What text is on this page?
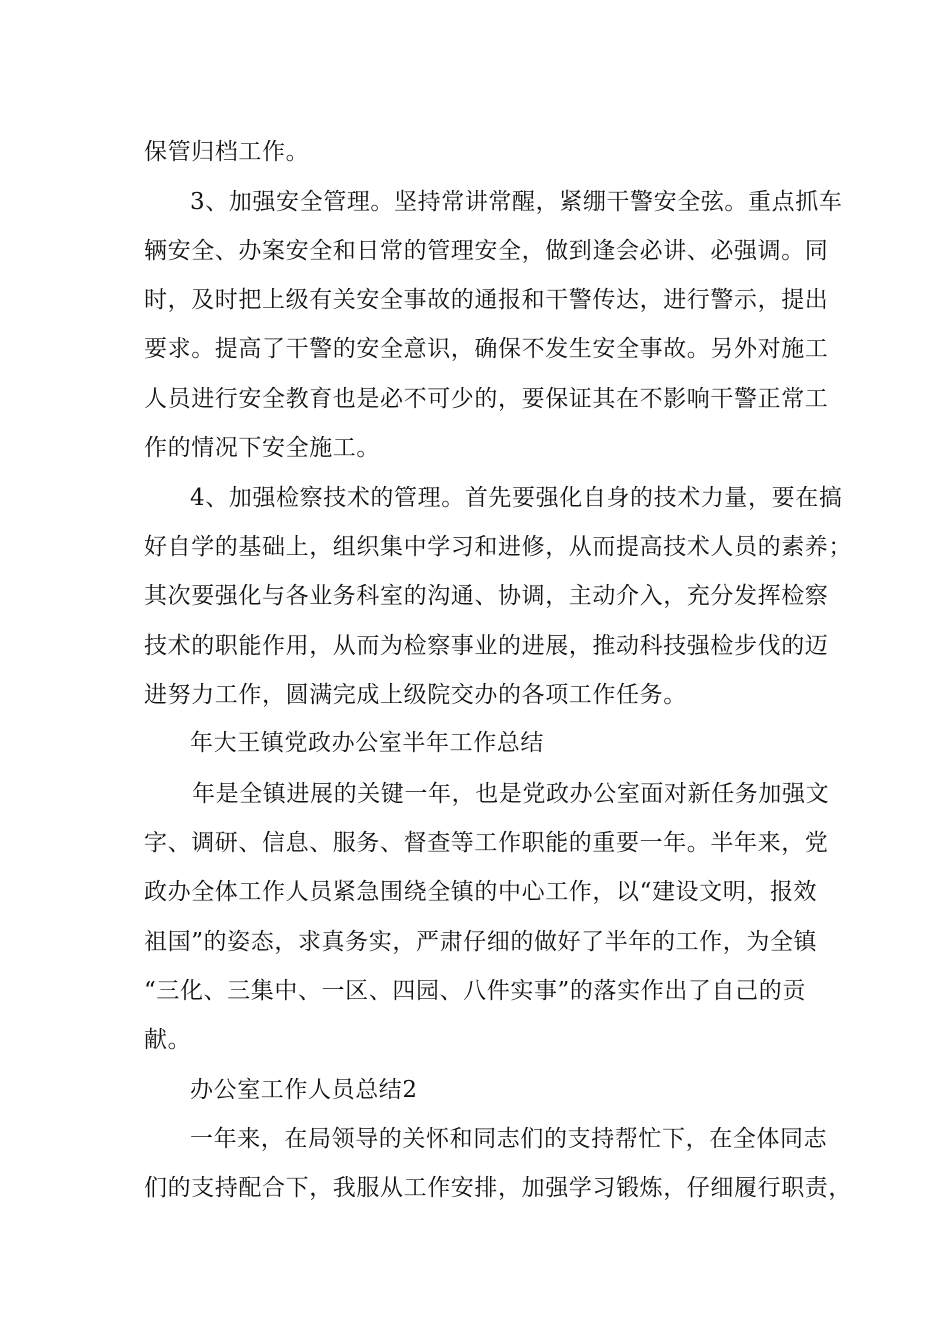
保管归档工作。
3、加强安全管理。坚持常讲常醒，紧绷干警安全弦。重点抓车
辆安全、办案安全和日常的管理安全，做到逢会必讲、必强调。同
时，及时把上级有关安全事故的通报和干警传达，进行警示，提出
要求。提高了干警的安全意识，确保不发生安全事故。另外对施工
人员进行安全教育也是必不可少的，要保证其在不影响干警正常工
作的情况下安全施工。
4、加强检察技术的管理。首先要强化自身的技术力量，要在搞
好自学的基础上，组织集中学习和进修，从而提高技术人员的素养；
其次要强化与各业务科室的沟通、协调，主动介入，充分发挥检察
技术的职能作用，从而为检察事业的进展，推动科技强检步伐的迈
进努力工作，圆满完成上级院交办的各项工作任务。
年大王镇党政办公室半年工作总结
年是全镇进展的关键一年，也是党政办公室面对新任务加强文
字、调研、信息、服务、督查等工作职能的重要一年。半年来，党
政办全体工作人员紧急围绕全镇的中心工作，以“建设文明，报效
祖国”的姿态，求真务实，严肃仔细的做好了半年的工作，为全镇
“三化、三集中、一区、四园、八件实事”的落实作出了自己的贡
献。
办公室工作人员总结2
一年来，在局领导的关怀和同志们的支持帮忙下，在全体同志
们的支持配合下，我服从工作安排，加强学习锻炼，仔细履行职责，
